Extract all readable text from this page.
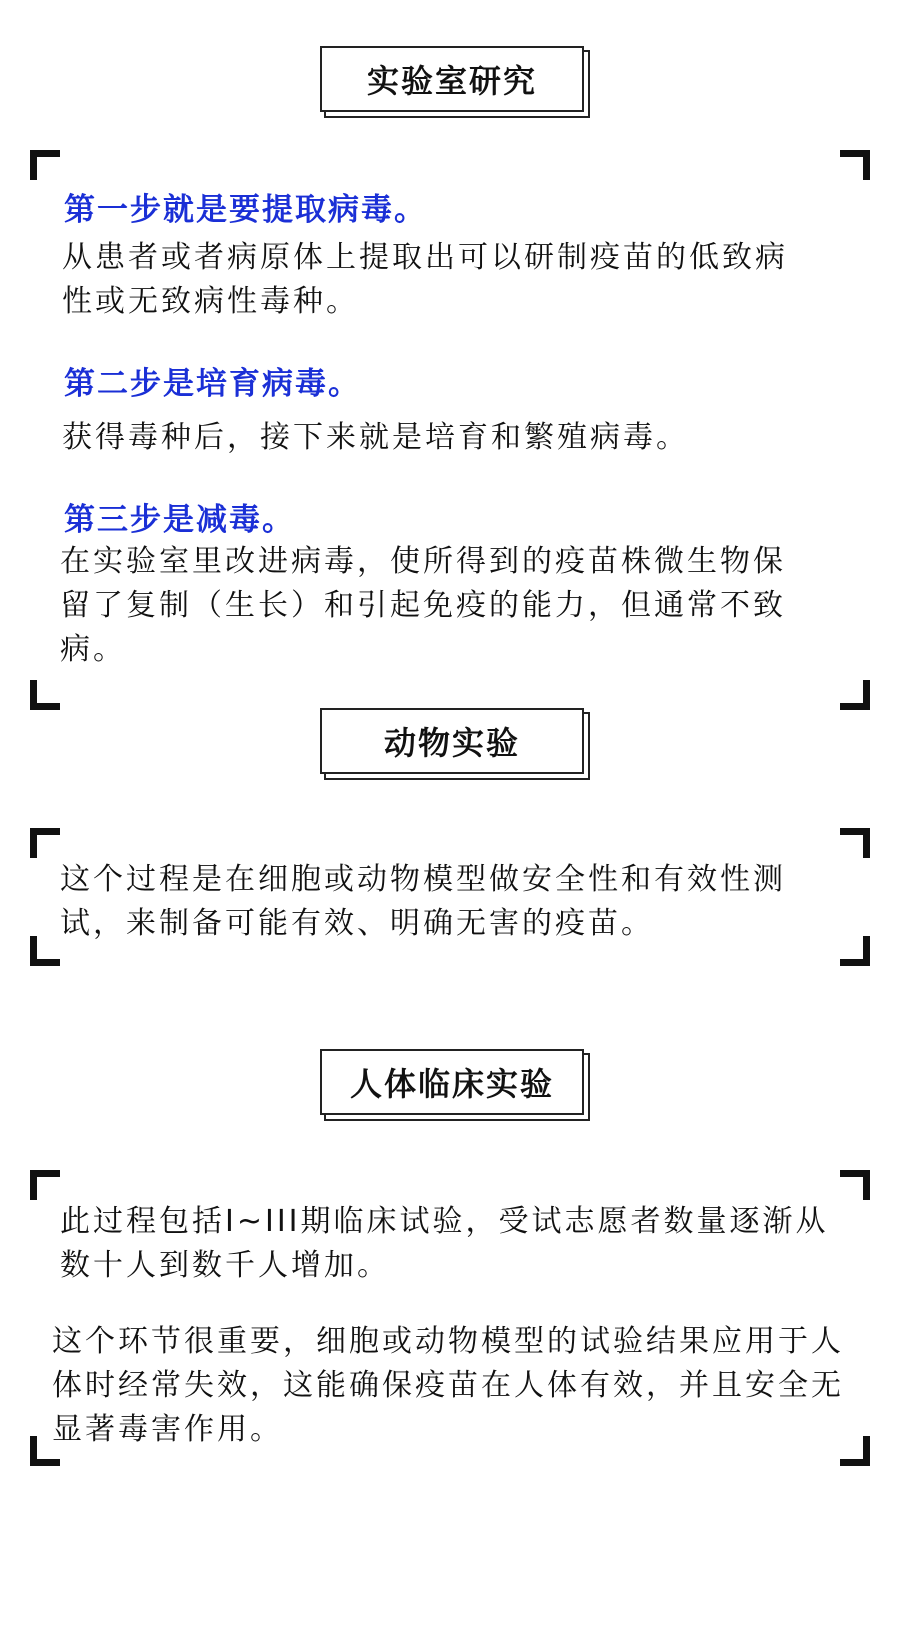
实验室研究
第一步就是要提取病毒。
从患者或者病原体上提取出可以研制疫苗的低致病性或无致病性毒种。
第二步是培育病毒。
获得毒种后，接下来就是培育和繁殖病毒。
第三步是减毒。
在实验室里改进病毒，使所得到的疫苗株微生物保留了复制（生长）和引起免疫的能力，但通常不致病。
动物实验
这个过程是在细胞或动物模型做安全性和有效性测试，来制备可能有效、明确无害的疫苗。
人体临床实验
此过程包括I~III期临床试验，受试志愿者数量逐渐从数十人到数千人增加。
这个环节很重要，细胞或动物模型的试验结果应用于人体时经常失效，这能确保疫苗在人体有效，并且安全无显著毒害作用。
